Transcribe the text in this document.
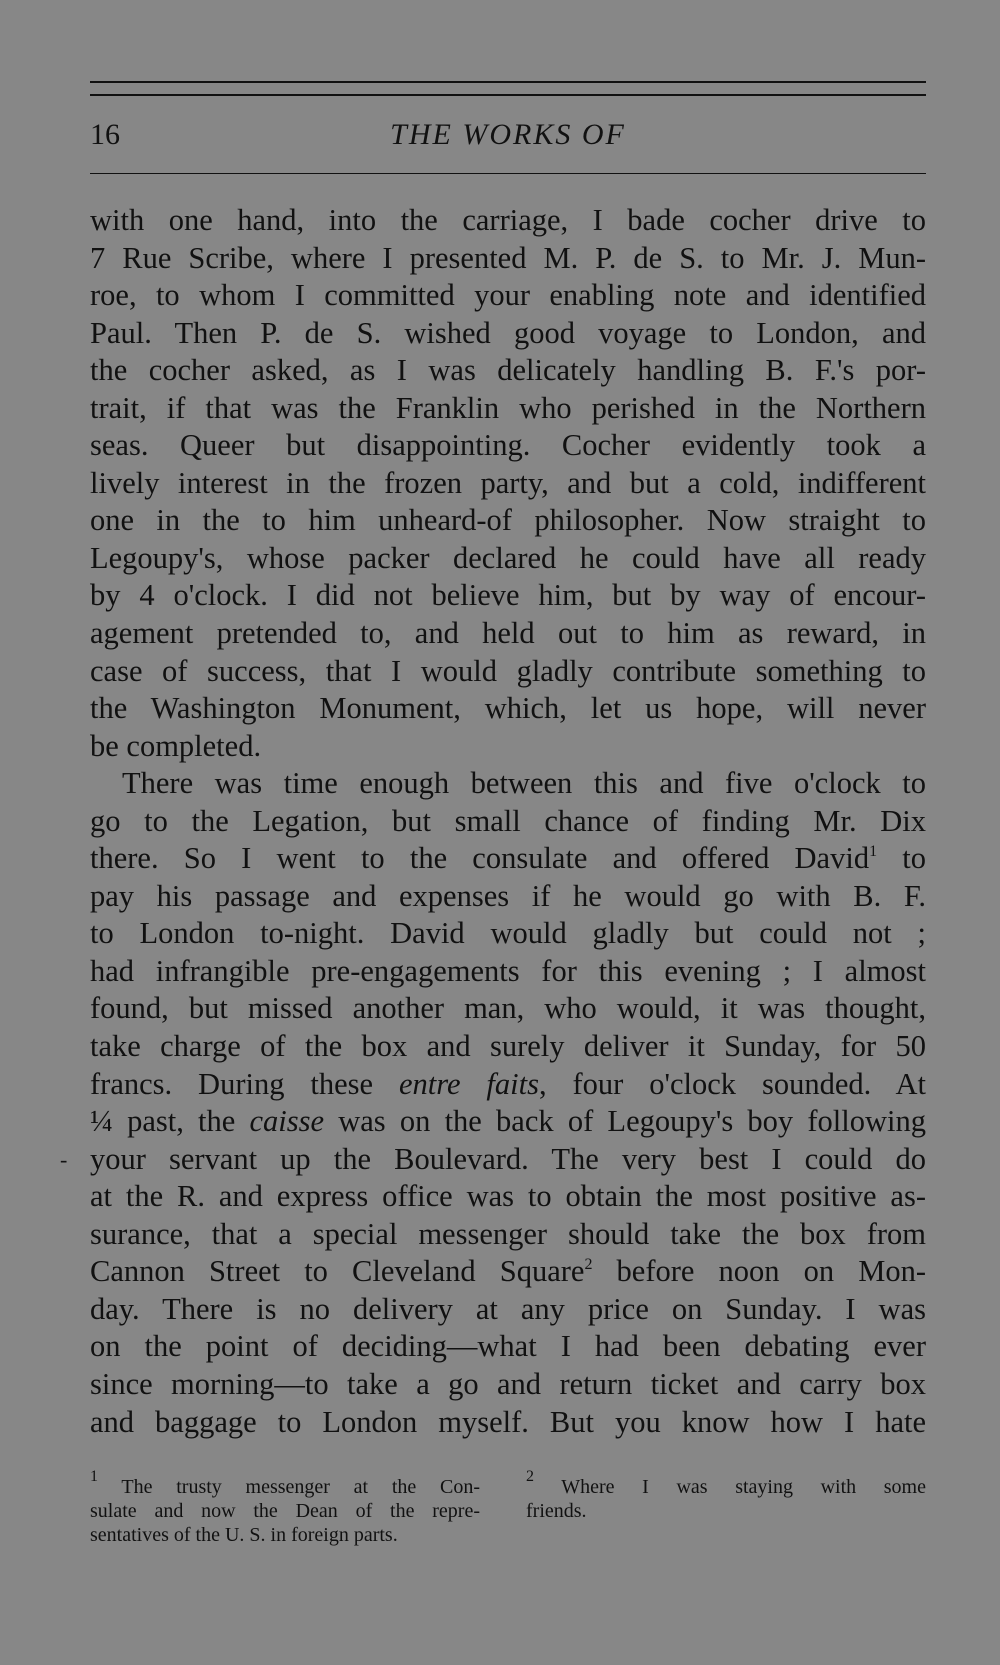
16	THE WORKS OF
with one hand, into the carriage, I bade cocher drive to
7 Rue Scribe, where I presented M. P. de S. to Mr. J. Mun-
roe, to whom I committed your enabling note and identified
Paul. Then P. de S. wished good voyage to London, and
the cocher asked, as I was delicately handling B. F.'s por-
trait, if that was the Franklin who perished in the Northern
seas. Queer but disappointing. Cocher evidently took a
lively interest in the frozen party, and but a cold, indifferent
one in the to him unheard-of philosopher. Now straight to
Legoupy's, whose packer declared he could have all ready
by 4 o'clock. I did not believe him, but by way of encour-
agement pretended to, and held out to him as reward, in
case of success, that I would gladly contribute something to
the Washington Monument, which, let us hope, will never
be completed.
There was time enough between this and five o'clock to
go to the Legation, but small chance of finding Mr. Dix
there. So I went to the consulate and offered David$^1$ to
pay his passage and expenses if he would go with B. F.
to London to-night. David would gladly but could not ;
had infrangible pre-engagements for this evening ; I almost
found, but missed another man, who would, it was thought,
take charge of the box and surely deliver it Sunday, for 50
francs. During these entre faits, four o'clock sounded. At
¼ past, the caisse was on the back of Legoupy's boy following
your servant up the Boulevard. The very best I could do
at the R. and express office was to obtain the most positive as-
surance, that a special messenger should take the box from
Cannon Street to Cleveland Square$^2$ before noon on Mon-
day. There is no delivery at any price on Sunday. I was
on the point of deciding—what I had been debating ever
since morning—to take a go and return ticket and carry box
and baggage to London myself. But you know how I hate
-
$^1$ The trusty messenger at the Con-
sulate and now the Dean of the repre-
sentatives of the U. S. in foreign parts.
$^2$ Where I was staying with some
friends.
